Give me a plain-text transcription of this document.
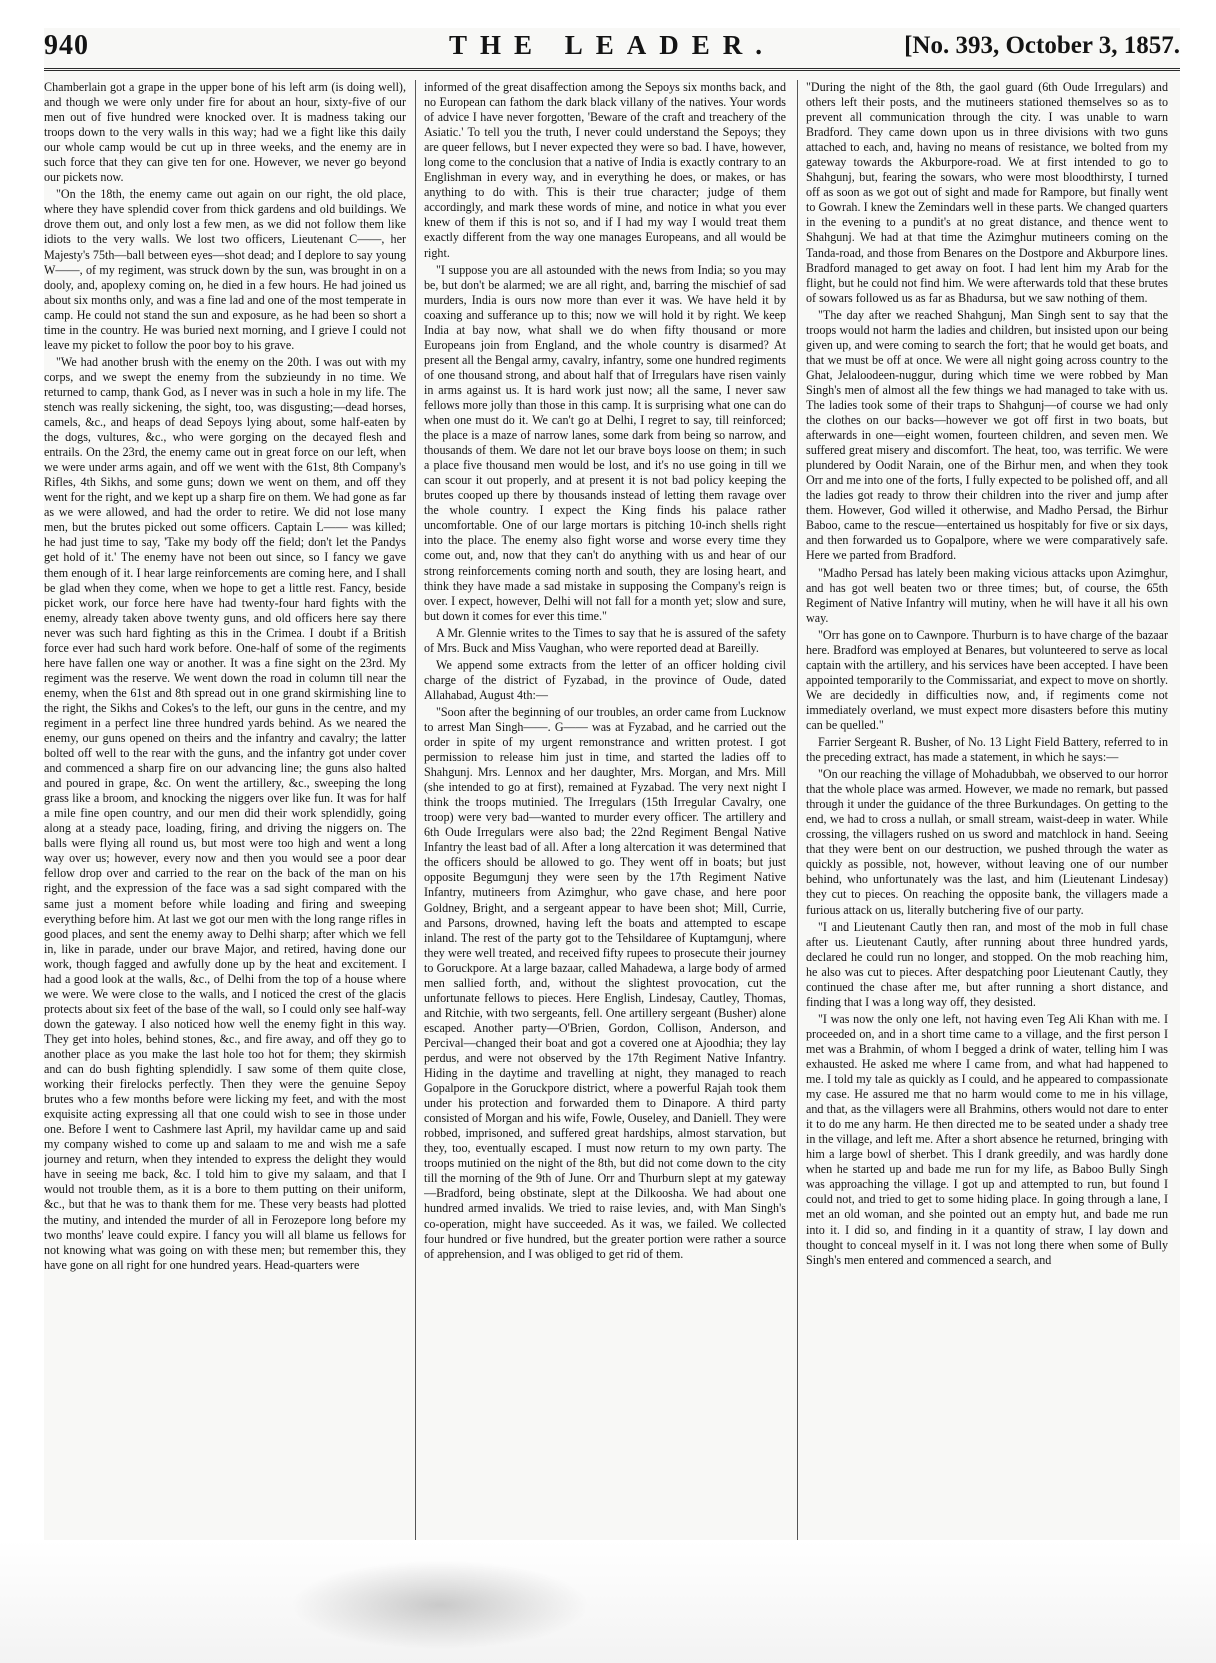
940	THE LEADER.	[No. 393, October 3, 1857.

Chamberlain got a grape in the upper bone of his left arm (is doing well), and though we were only under fire for about an hour, sixty-five of our men out of five hundred were knocked over. It is madness taking our troops down to the very walls in this way; had we a fight like this daily our whole camp would be cut up in three weeks, and the enemy are in such force that they can give ten for one. However, we never go beyond our pickets now.

"On the 18th, the enemy came out again on our right, the old place, where they have splendid cover from thick gardens and old buildings. We drove them out, and only lost a few men, as we did not follow them like idiots to the very walls. We lost two officers, Lieutenant C——, her Majesty's 75th—ball between eyes—shot dead; and I deplore to say young W——, of my regiment, was struck down by the sun, was brought in on a dooly, and, apoplexy coming on, he died in a few hours. He had joined us about six months only, and was a fine lad and one of the most temperate in camp. He could not stand the sun and exposure, as he had been so short a time in the country. He was buried next morning, and I grieve I could not leave my picket to follow the poor boy to his grave.

"We had another brush with the enemy on the 20th. I was out with my corps, and we swept the enemy from the subzieundy in no time. We returned to camp, thank God, as I never was in such a hole in my life. The stench was really sickening, the sight, too, was disgusting;—dead horses, camels, &c., and heaps of dead Sepoys lying about, some half-eaten by the dogs, vultures, &c., who were gorging on the decayed flesh and entrails. On the 23rd, the enemy came out in great force on our left, when we were under arms again, and off we went with the 61st, 8th Company's Rifles, 4th Sikhs, and some guns; down we went on them, and off they went for the right, and we kept up a sharp fire on them. We had gone as far as we were allowed, and had the order to retire. We did not lose many men, but the brutes picked out some officers. Captain L—— was killed; he had just time to say, 'Take my body off the field; don't let the Pandys get hold of it.' The enemy have not been out since, so I fancy we gave them enough of it. I hear large reinforcements are coming here, and I shall be glad when they come, when we hope to get a little rest. Fancy, beside picket work, our force here have had twenty-four hard fights with the enemy, already taken above twenty guns, and old officers here say there never was such hard fighting as this in the Crimea. I doubt if a British force ever had such hard work before. One-half of some of the regiments here have fallen one way or another. It was a fine sight on the 23rd. My regiment was the reserve. We went down the road in column till near the enemy, when the 61st and 8th spread out in one grand skirmishing line to the right, the Sikhs and Cokes's to the left, our guns in the centre, and my regiment in a perfect line three hundred yards behind. As we neared the enemy, our guns opened on theirs and the infantry and cavalry; the latter bolted off well to the rear with the guns, and the infantry got under cover and commenced a sharp fire on our advancing line; the guns also halted and poured in grape, &c. On went the artillery, &c., sweeping the long grass like a broom, and knocking the niggers over like fun. It was for half a mile fine open country, and our men did their work splendidly, going along at a steady pace, loading, firing, and driving the niggers on. The balls were flying all round us, but most were too high and went a long way over us; however, every now and then you would see a poor dear fellow drop over and carried to the rear on the back of the man on his right, and the expression of the face was a sad sight compared with the same just a moment before while loading and firing and sweeping everything before him. At last we got our men with the long range rifles in good places, and sent the enemy away to Delhi sharp; after which we fell in, like in parade, under our brave Major, and retired, having done our work, though fagged and awfully done up by the heat and excitement. I had a good look at the walls, &c., of Delhi from the top of a house where we were. We were close to the walls, and I noticed the crest of the glacis protects about six feet of the base of the wall, so I could only see half-way down the gateway. I also noticed how well the enemy fight in this way. They get into holes, behind stones, &c., and fire away, and off they go to another place as you make the last hole too hot for them; they skirmish and can do bush fighting splendidly. I saw some of them quite close, working their firelocks perfectly. Then they were the genuine Sepoy brutes who a few months before were licking my feet, and with the most exquisite acting expressing all that one could wish to see in those under one. Before I went to Cashmere last April, my havildar came up and said my company wished to come up and salaam to me and wish me a safe journey and return, when they intended to express the delight they would have in seeing me back, &c. I told him to give my salaam, and that I would not trouble them, as it is a bore to them putting on their uniform, &c., but that he was to thank them for me. These very beasts had plotted the mutiny, and intended the murder of all in Ferozepore long before my two months' leave could expire. I fancy you will all blame us fellows for not knowing what was going on with these men; but remember this, they have gone on all right for one hundred years. Head-quarters were

informed of the great disaffection among the Sepoys six months back, and no European can fathom the dark black villany of the natives. Your words of advice I have never forgotten, 'Beware of the craft and treachery of the Asiatic.' To tell you the truth, I never could understand the Sepoys; they are queer fellows, but I never expected they were so bad. I have, however, long come to the conclusion that a native of India is exactly contrary to an Englishman in every way, and in everything he does, or makes, or has anything to do with. This is their true character; judge of them accordingly, and mark these words of mine, and notice in what you ever knew of them if this is not so, and if I had my way I would treat them exactly different from the way one manages Europeans, and all would be right.

"I suppose you are all astounded with the news from India; so you may be, but don't be alarmed; we are all right, and, barring the mischief of sad murders, India is ours now more than ever it was. We have held it by coaxing and sufferance up to this; now we will hold it by right. We keep India at bay now, what shall we do when fifty thousand or more Europeans join from England, and the whole country is disarmed? At present all the Bengal army, cavalry, infantry, some one hundred regiments of one thousand strong, and about half that of Irregulars have risen vainly in arms against us. It is hard work just now; all the same, I never saw fellows more jolly than those in this camp. It is surprising what one can do when one must do it. We can't go at Delhi, I regret to say, till reinforced; the place is a maze of narrow lanes, some dark from being so narrow, and thousands of them. We dare not let our brave boys loose on them; in such a place five thousand men would be lost, and it's no use going in till we can scour it out properly, and at present it is not bad policy keeping the brutes cooped up there by thousands instead of letting them ravage over the whole country. I expect the King finds his palace rather uncomfortable. One of our large mortars is pitching 10-inch shells right into the place. The enemy also fight worse and worse every time they come out, and, now that they can't do anything with us and hear of our strong reinforcements coming north and south, they are losing heart, and think they have made a sad mistake in supposing the Company's reign is over. I expect, however, Delhi will not fall for a month yet; slow and sure, but down it comes for ever this time."

A Mr. Glennie writes to the Times to say that he is assured of the safety of Mrs. Buck and Miss Vaughan, who were reported dead at Bareilly.

We append some extracts from the letter of an officer holding civil charge of the district of Fyzabad, in the province of Oude, dated Allahabad, August 4th:—

"Soon after the beginning of our troubles, an order came from Lucknow to arrest Man Singh——. G—— was at Fyzabad, and he carried out the order in spite of my urgent remonstrance and written protest. I got permission to release him just in time, and started the ladies off to Shahgunj. Mrs. Lennox and her daughter, Mrs. Morgan, and Mrs. Mill (she intended to go at first), remained at Fyzabad. The very next night I think the troops mutinied. The Irregulars (15th Irregular Cavalry, one troop) were very bad—wanted to murder every officer. The artillery and 6th Oude Irregulars were also bad; the 22nd Regiment Bengal Native Infantry the least bad of all. After a long altercation it was determined that the officers should be allowed to go. They went off in boats; but just opposite Begumgunj they were seen by the 17th Regiment Native Infantry, mutineers from Azimghur, who gave chase, and here poor Goldney, Bright, and a sergeant appear to have been shot; Mill, Currie, and Parsons, drowned, having left the boats and attempted to escape inland. The rest of the party got to the Tehsildaree of Kuptamgunj, where they were well treated, and received fifty rupees to prosecute their journey to Goruckpore. At a large bazaar, called Mahadewa, a large body of armed men sallied forth, and, without the slightest provocation, cut the unfortunate fellows to pieces. Here English, Lindesay, Cautley, Thomas, and Ritchie, with two sergeants, fell. One artillery sergeant (Busher) alone escaped. Another party—O'Brien, Gordon, Collison, Anderson, and Percival—changed their boat and got a covered one at Ajoodhia; they lay perdus, and were not observed by the 17th Regiment Native Infantry. Hiding in the daytime and travelling at night, they managed to reach Gopalpore in the Goruckpore district, where a powerful Rajah took them under his protection and forwarded them to Dinapore. A third party consisted of Morgan and his wife, Fowle, Ouseley, and Daniell. They were robbed, imprisoned, and suffered great hardships, almost starvation, but they, too, eventually escaped. I must now return to my own party. The troops mutinied on the night of the 8th, but did not come down to the city till the morning of the 9th of June. Orr and Thurburn slept at my gateway—Bradford, being obstinate, slept at the Dilkoosha. We had about one hundred armed invalids. We tried to raise levies, and, with Man Singh's co-operation, might have succeeded. As it was, we failed. We collected four hundred or five hundred, but the greater portion were rather a source of apprehension, and I was obliged to get rid of them.

"During the night of the 8th, the gaol guard (6th Oude Irregulars) and others left their posts, and the mutineers stationed themselves so as to prevent all communication through the city. I was unable to warn Bradford. They came down upon us in three divisions with two guns attached to each, and, having no means of resistance, we bolted from my gateway towards the Akburpore-road. We at first intended to go to Shahgunj, but, fearing the sowars, who were most bloodthirsty, I turned off as soon as we got out of sight and made for Rampore, but finally went to Gowrah. I knew the Zemindars well in these parts. We changed quarters in the evening to a pundit's at no great distance, and thence went to Shahgunj. We had at that time the Azimghur mutineers coming on the Tanda-road, and those from Benares on the Dostpore and Akburpore lines. Bradford managed to get away on foot. I had lent him my Arab for the flight, but he could not find him. We were afterwards told that these brutes of sowars followed us as far as Bhadursa, but we saw nothing of them.

"The day after we reached Shahgunj, Man Singh sent to say that the troops would not harm the ladies and children, but insisted upon our being given up, and were coming to search the fort; that he would get boats, and that we must be off at once. We were all night going across country to the Ghat, Jelaloodeen-nuggur, during which time we were robbed by Man Singh's men of almost all the few things we had managed to take with us. The ladies took some of their traps to Shahgunj—of course we had only the clothes on our backs—however we got off first in two boats, but afterwards in one—eight women, fourteen children, and seven men. We suffered great misery and discomfort. The heat, too, was terrific. We were plundered by Oodit Narain, one of the Birhur men, and when they took Orr and me into one of the forts, I fully expected to be polished off, and all the ladies got ready to throw their children into the river and jump after them. However, God willed it otherwise, and Madho Persad, the Birhur Baboo, came to the rescue—entertained us hospitably for five or six days, and then forwarded us to Gopalpore, where we were comparatively safe. Here we parted from Bradford.

"Madho Persad has lately been making vicious attacks upon Azimghur, and has got well beaten two or three times; but, of course, the 65th Regiment of Native Infantry will mutiny, when he will have it all his own way.

"Orr has gone on to Cawnpore. Thurburn is to have charge of the bazaar here. Bradford was employed at Benares, but volunteered to serve as local captain with the artillery, and his services have been accepted. I have been appointed temporarily to the Commissariat, and expect to move on shortly. We are decidedly in difficulties now, and, if regiments come not immediately overland, we must expect more disasters before this mutiny can be quelled."

Farrier Sergeant R. Busher, of No. 13 Light Field Battery, referred to in the preceding extract, has made a statement, in which he says:—

"On our reaching the village of Mohadubbah, we observed to our horror that the whole place was armed. However, we made no remark, but passed through it under the guidance of the three Burkundages. On getting to the end, we had to cross a nullah, or small stream, waist-deep in water. While crossing, the villagers rushed on us sword and matchlock in hand. Seeing that they were bent on our destruction, we pushed through the water as quickly as possible, not, however, without leaving one of our number behind, who unfortunately was the last, and him (Lieutenant Lindesay) they cut to pieces. On reaching the opposite bank, the villagers made a furious attack on us, literally butchering five of our party.

"I and Lieutenant Cautly then ran, and most of the mob in full chase after us. Lieutenant Cautly, after running about three hundred yards, declared he could run no longer, and stopped. On the mob reaching him, he also was cut to pieces. After despatching poor Lieutenant Cautly, they continued the chase after me, but after running a short distance, and finding that I was a long way off, they desisted.

"I was now the only one left, not having even Teg Ali Khan with me. I proceeded on, and in a short time came to a village, and the first person I met was a Brahmin, of whom I begged a drink of water, telling him I was exhausted. He asked me where I came from, and what had happened to me. I told my tale as quickly as I could, and he appeared to compassionate my case. He assured me that no harm would come to me in his village, and that, as the villagers were all Brahmins, others would not dare to enter it to do me any harm. He then directed me to be seated under a shady tree in the village, and left me. After a short absence he returned, bringing with him a large bowl of sherbet. This I drank greedily, and was hardly done when he started up and bade me run for my life, as Baboo Bully Singh was approaching the village. I got up and attempted to run, but found I could not, and tried to get to some hiding place. In going through a lane, I met an old woman, and she pointed out an empty hut, and bade me run into it. I did so, and finding in it a quantity of straw, I lay down and thought to conceal myself in it. I was not long there when some of Bully Singh's men entered and commenced a search, and
